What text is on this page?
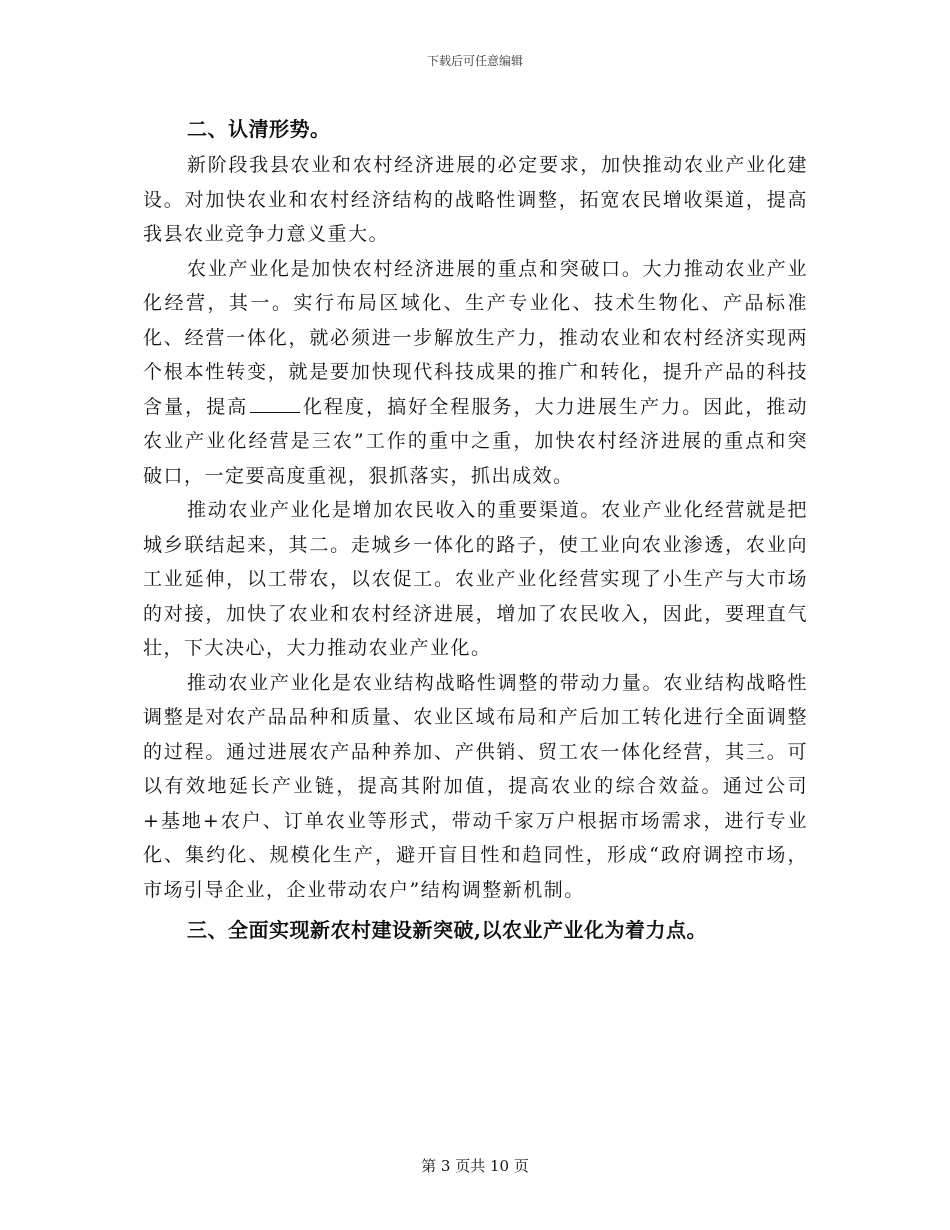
下载后可任意编辑
二、认清形势。

新阶段我县农业和农村经济进展的必定要求，加快推动农业产业化建设。对加快农业和农村经济结构的战略性调整，拓宽农民增收渠道，提高我县农业竞争力意义重大。

农业产业化是加快农村经济进展的重点和突破口。大力推动农业产业化经营，其一。实行布局区域化、生产专业化、技术生物化、产品标准化、经营一体化，就必须进一步解放生产力，推动农业和农村经济实现两个根本性转变，就是要加快现代科技成果的推广和转化，提升产品的科技含量，提高	化程度，搞好全程服务，大力进展生产力。因此，推动农业产业化经营是三农”工作的重中之重，加快农村经济进展的重点和突破口，一定要高度重视，狠抓落实，抓出成效。

推动农业产业化是增加农民收入的重要渠道。农业产业化经营就是把城乡联结起来，其二。走城乡一体化的路子，使工业向农业渗透，农业向工业延伸，以工带农，以农促工。农业产业化经营实现了小生产与大市场的对接，加快了农业和农村经济进展，增加了农民收入，因此，要理直气壮，下大决心，大力推动农业产业化。

推动农业产业化是农业结构战略性调整的带动力量。农业结构战略性调整是对农产品品种和质量、农业区域布局和产后加工转化进行全面调整的过程。通过进展农产品种养加、产供销、贸工农一体化经营，其三。可以有效地延长产业链，提高其附加值，提高农业的综合效益。通过公司+基地+农户、订单农业等形式，带动千家万户根据市场需求，进行专业化、集约化、规模化生产，避开盲目性和趋同性，形成“政府调控市场，市场引导企业，企业带动农户”结构调整新机制。

三、全面实现新农村建设新突破,以农业产业化为着力点。
第 3 页共 10 页
